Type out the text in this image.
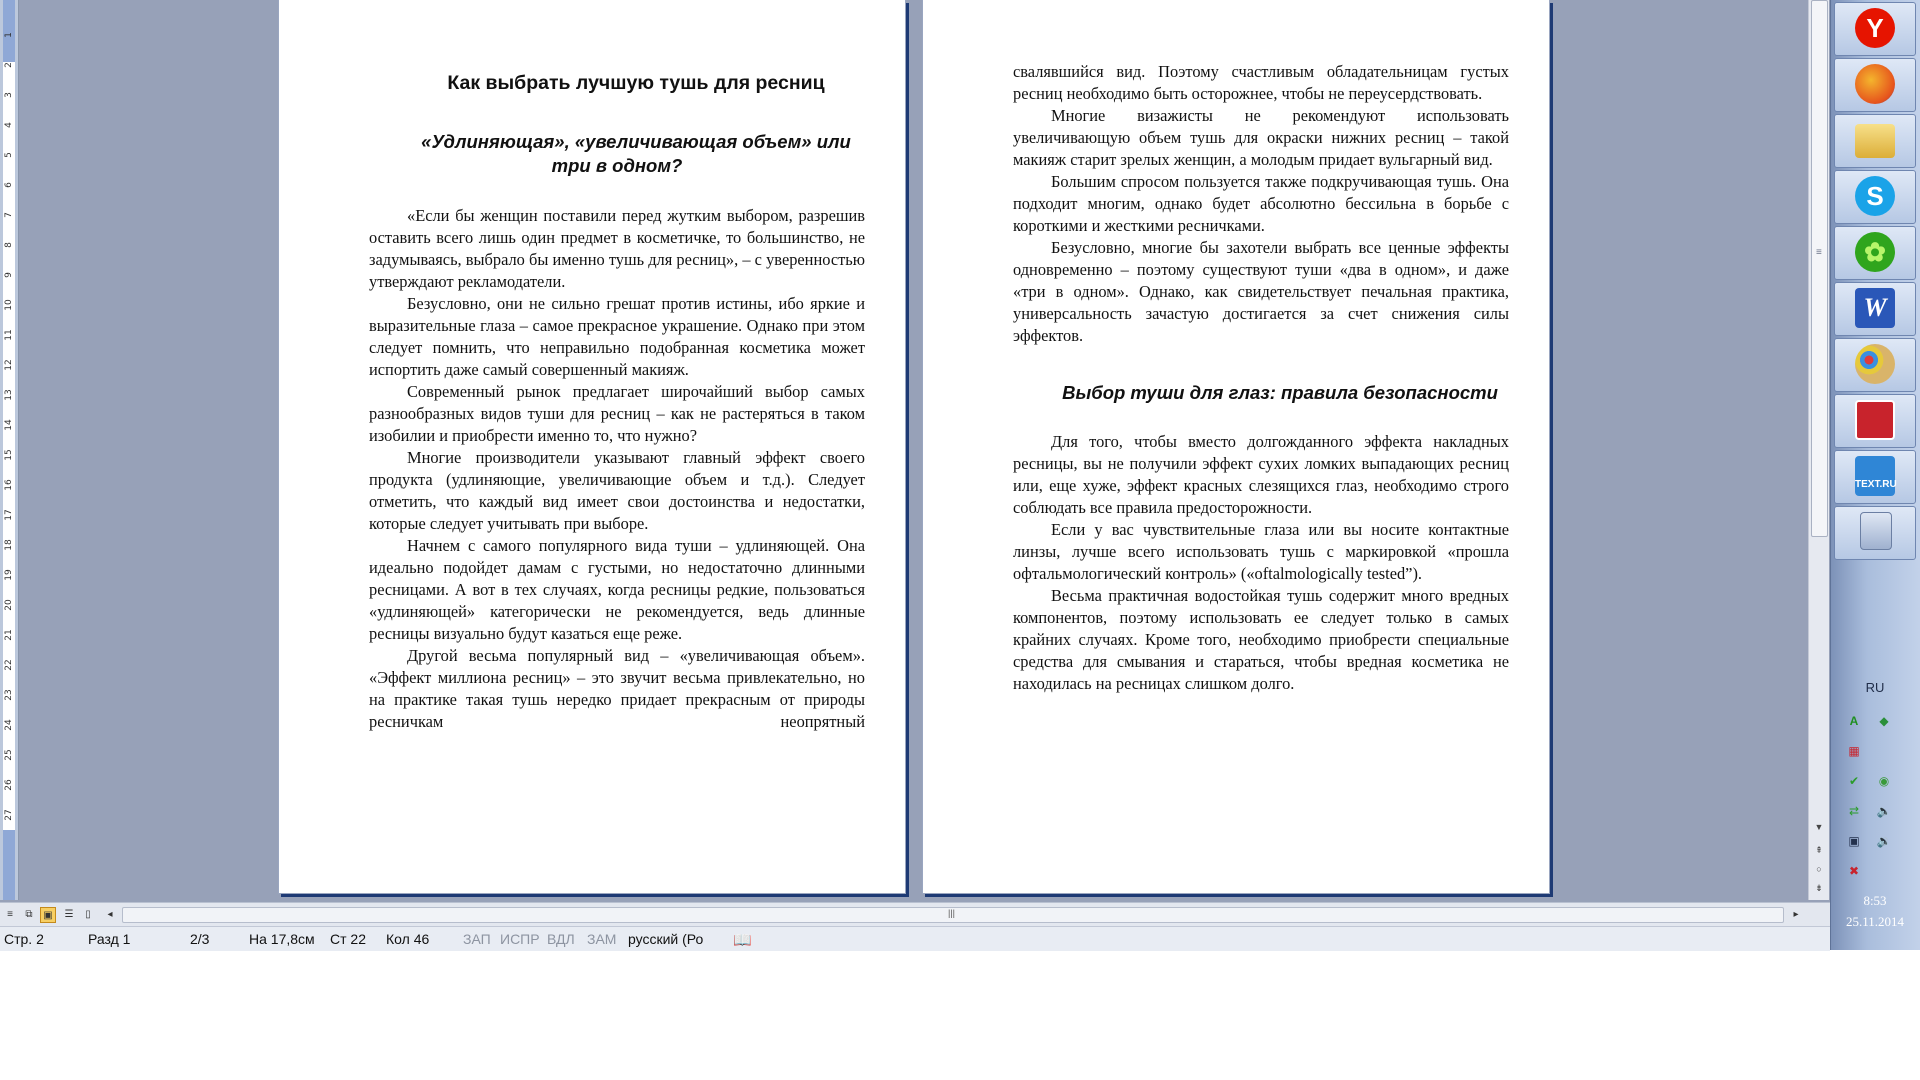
1
2
3
4
5
6
7
8
9
10
11
12
13
14
15
16
17
18
19
20
21
22
23
24
25
26
27

Как выбрать лучшую тушь для ресниц

«Удлиняющая», «увеличивающая объем» или три в одном?

«Если бы женщин поставили перед жутким выбором, разрешив оставить всего лишь один предмет в косметичке, то большинство, не задумываясь, выбрало бы именно тушь для ресниц», – с уверенностью утверждают рекламодатели.

Безусловно, они не сильно грешат против истины, ибо яркие и выразительные глаза – самое прекрасное украшение. Однако при этом следует помнить, что неправильно подобранная косметика может испортить даже самый совершенный макияж.

Современный рынок предлагает широчайший выбор самых разнообразных видов туши для ресниц – как не растеряться в таком изобилии и приобрести именно то, что нужно?

Многие производители указывают главный эффект своего продукта (удлиняющие, увеличивающие объем и т.д.). Следует отметить, что каждый вид имеет свои достоинства и недостатки, которые следует учитывать при выборе.

Начнем с самого популярного вида туши – удлиняющей. Она идеально подойдет дамам с густыми, но недостаточно длинными ресницами. А вот в тех случаях, когда ресницы редкие, пользоваться «удлиняющей» категорически не рекомендуется, ведь длинные ресницы визуально будут казаться еще реже.

Другой весьма популярный вид – «увеличивающая объем». «Эффект миллиона ресниц» – это звучит весьма привлекательно, но на практике такая тушь нередко придает прекрасным от природы ресничкам неопрятный

свалявшийся вид. Поэтому счастливым обладательницам густых ресниц необходимо быть осторожнее, чтобы не переусердствовать.

Многие визажисты не рекомендуют использовать увеличивающую объем тушь для окраски нижних ресниц – такой макияж старит зрелых женщин, а молодым придает вульгарный вид.

Большим спросом пользуется также подкручивающая тушь. Она подходит многим, однако будет абсолютно бессильна в борьбе с короткими и жесткими ресничками.

Безусловно, многие бы захотели выбрать все ценные эффекты одновременно – поэтому существуют туши «два в одном», и даже «три в одном». Однако, как свидетельствует печальная практика, универсальность зачастую достигается за счет снижения силы эффектов.

Выбор туши для глаз: правила безопасности

Для того, чтобы вместо долгожданного эффекта накладных ресницы, вы не получили эффект сухих ломких выпадающих ресниц или, еще хуже, эффект красных слезящихся глаз, необходимо строго соблюдать все правила предосторожности.

Если у вас чувствительные глаза или вы носите контактные линзы, лучше всего использовать тушь с маркировкой «прошла офтальмологический контроль» («oftalmologically tested”).

Весьма практичная водостойкая тушь содержит много вредных компонентов, поэтому использовать ее следует только в самых крайних случаях. Кроме того, необходимо приобрести специальные средства для смывания и стараться, чтобы вредная косметика не находилась на ресницах слишком долго.

≡
▼
⇞
○
⇟
≡	⧉	▣	☰	▯	◂	|||	▸
Стр. 2	Разд 1	2/3	На 17,8см Ст 22 Кол 46 ЗАП ИСПР ВДЛ ЗАМ русский (Ро 📖
Y
S
✿
W
TEXT.RU
RU
A	◆
▦
✔	◉
⇄	🔈
▣ 🔉
✖
8:53
25.11.2014
